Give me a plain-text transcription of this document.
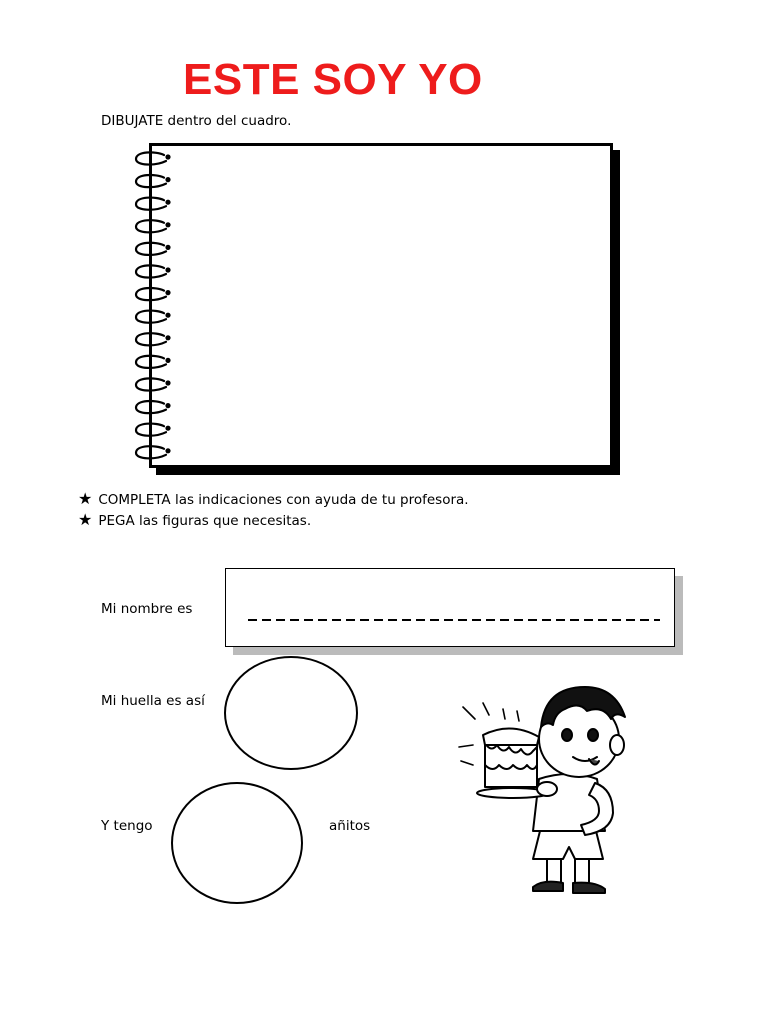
ESTE SOY YO
DIBUJATE dentro del cuadro.
★ COMPLETA las indicaciones con ayuda de tu profesora.
★ PEGA las figuras que necesitas.
Mi nombre es
Mi huella es así
Y tengo	añitos
